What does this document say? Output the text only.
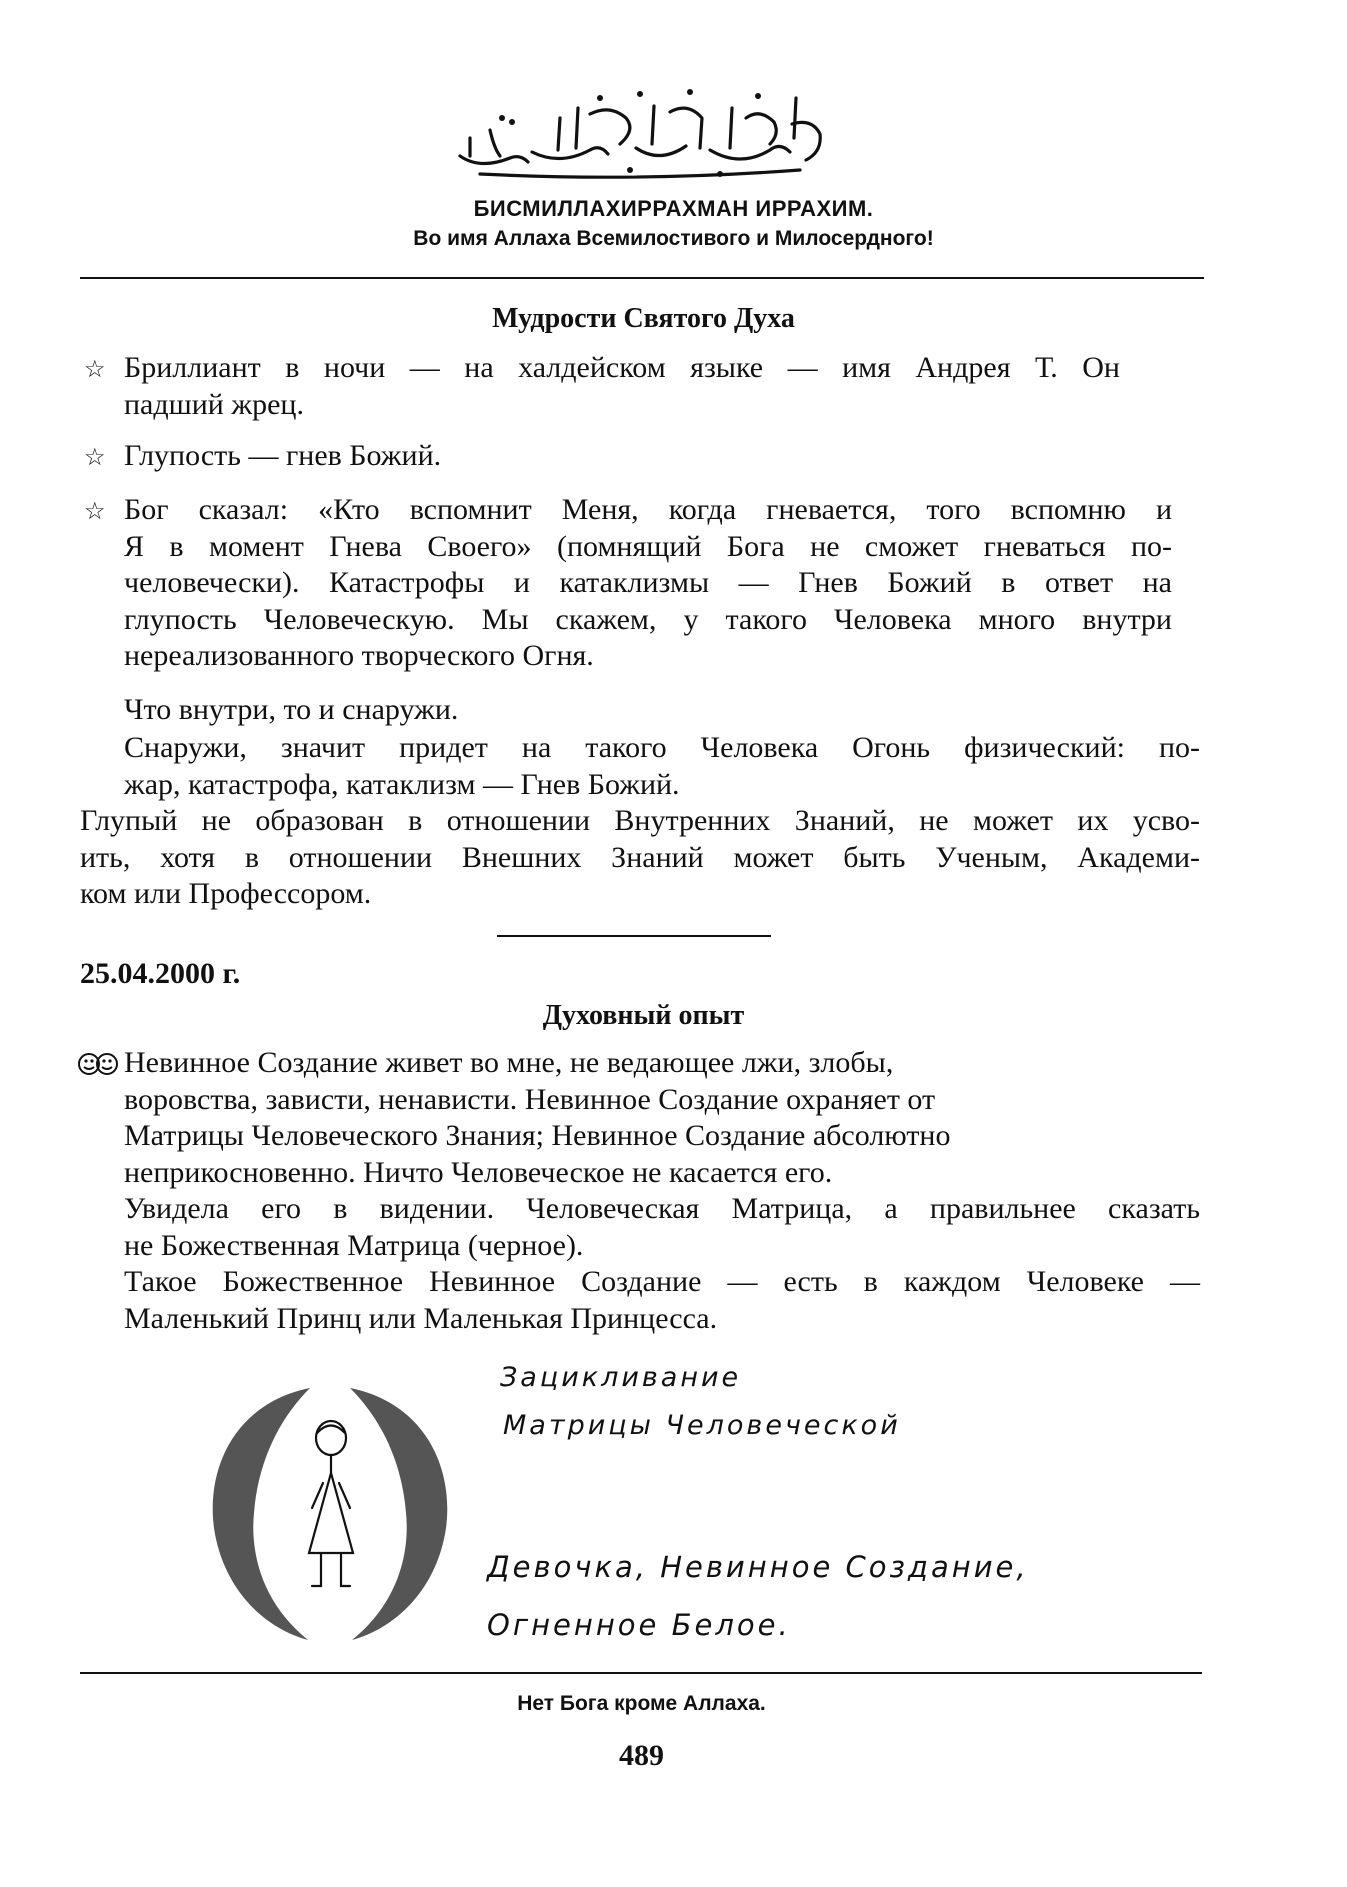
بسم الله الرحمن الرحيم
БИСМИЛЛАХИРРАХМАН ИРРАХИМ.
Во имя Аллаха Всемилостивого и Милосердного!
Мудрости Святого Духа
☆ Бриллиант в ночи — на халдейском языке — имя Андрея Т. Он
падший жрец.
☆ Глупость — гнев Божий.
☆ Бог сказал: «Кто вспомнит Меня, когда гневается, того вспомню и
Я в момент Гнева Своего» (помнящий Бога не сможет гневаться по-
человечески). Катастрофы и катаклизмы — Гнев Божий в ответ на
глупость Человеческую. Мы скажем, у такого Человека много внутри
нереализованного творческого Огня.
Что внутри, то и снаружи.
Снаружи, значит придет на такого Человека Огонь физический: по-
жар, катастрофа, катаклизм — Гнев Божий.
Глупый не образован в отношении Внутренних Знаний, не может их усво-
ить, хотя в отношении Внешних Знаний может быть Ученым, Академи-
ком или Профессором.
25.04.2000 г.
Духовный опыт
Невинное Создание живет во мне, не ведающее лжи, злобы,
воровства, зависти, ненависти. Невинное Создание охраняет от
Матрицы Человеческого Знания; Невинное Создание абсолютно
неприкосновенно. Ничто Человеческое не касается его.
Увидела его в видении. Человеческая Матрица, а правильнее сказать
не Божественная Матрица (черное).
Такое Божественное Невинное Создание — есть в каждом Человеке —
Маленький Принц или Маленькая Принцесса.
Зацикливание
Матрицы Человеческой
Девочка, Невинное Создание,
Огненное Белое.
Нет Бога кроме Аллаха.
489
